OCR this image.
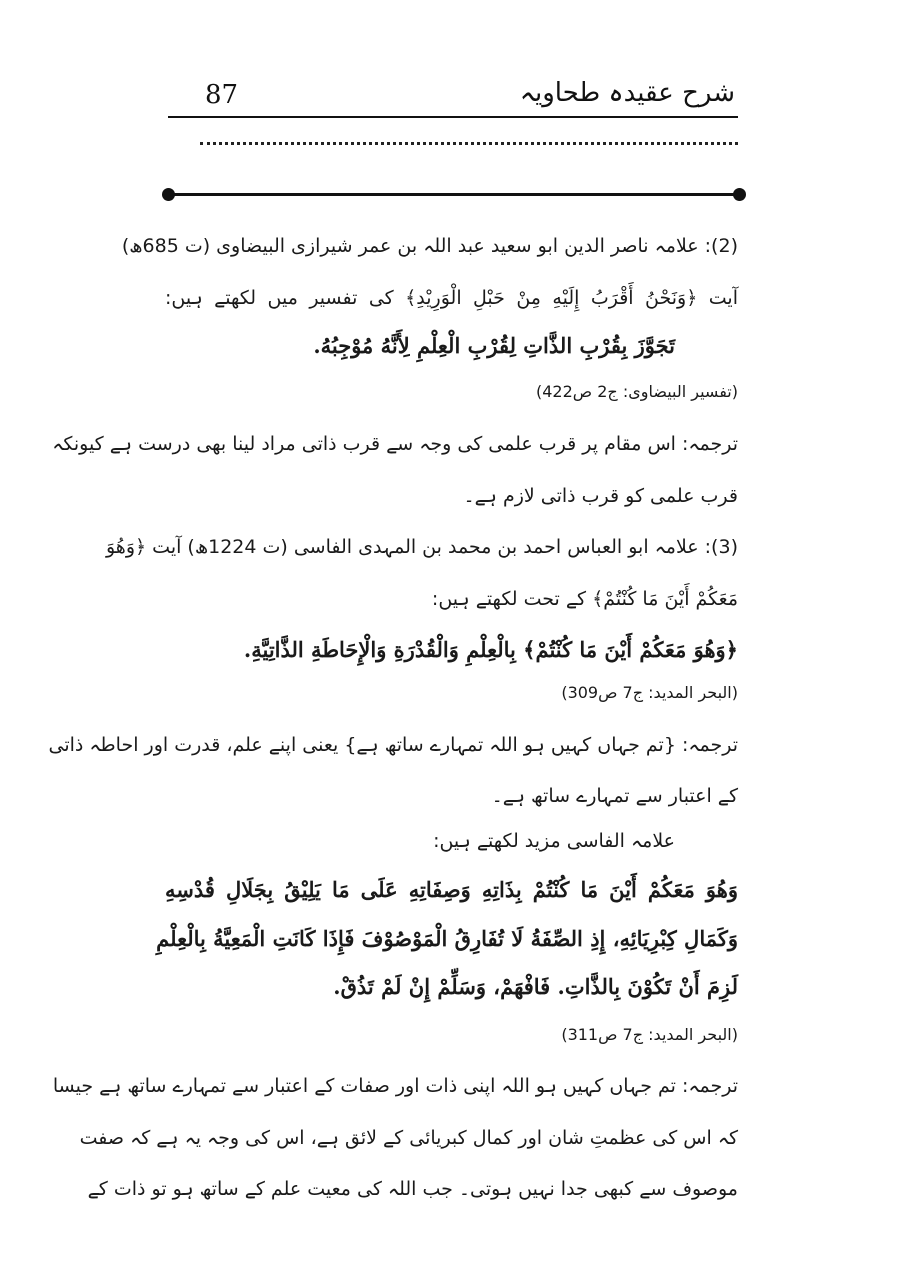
87	شرح عقیدہ طحاویہ
(2): علامہ ناصر الدین ابو سعید عبد اللہ بن عمر شیرازی البیضاوی (ت 685ھ)
آیت ﴿وَنَحْنُ أَقْرَبُ إِلَيْهِ مِنْ حَبْلِ الْوَرِيْدِ﴾ کی تفسیر میں لکھتے ہیں:
تَجَوَّزَ بِقُرْبِ الذَّاتِ لِقُرْبِ الْعِلْمِ لِأَنَّهُ مُوْجِبُهُ.
(تفسیر البیضاوی: ج2 ص422)
ترجمہ: اس مقام پر قرب علمی کی وجہ سے قرب ذاتی مراد لینا بھی درست ہے کیونکہ
قرب علمی کو قرب ذاتی لازم ہے۔
(3): علامہ ابو العباس احمد بن محمد بن المہدی الفاسی (ت 1224ھ) آیت ﴿وَهُوَ
مَعَكُمْ أَيْنَ مَا كُنْتُمْ﴾ کے تحت لکھتے ہیں:
﴿وَهُوَ مَعَكُمْ أَيْنَ مَا كُنْتُمْ﴾ بِالْعِلْمِ وَالْقُدْرَةِ وَالْإِحَاطَةِ الذَّاتِيَّةِ.
(البحر المدید: ج7 ص309)
ترجمہ: {تم جہاں کہیں ہو اللہ تمہارے ساتھ ہے} یعنی اپنے علم، قدرت اور احاطہ ذاتی
کے اعتبار سے تمہارے ساتھ ہے۔
علامہ الفاسی مزید لکھتے ہیں:
وَهُوَ مَعَكُمْ أَيْنَ مَا كُنْتُمْ بِذَاتِهِ وَصِفَاتِهِ عَلَى مَا يَلِيْقُ بِجَلَالِ قُدْسِهِ
وَكَمَالِ كِبْرِيَائِهِ، إِذِ الصِّفَةُ لَا تُفَارِقُ الْمَوْصُوْفَ فَإِذَا كَانَتِ الْمَعِيَّةُ بِالْعِلْمِ
لَزِمَ أَنْ تَكُوْنَ بِالذَّاتِ. فَافْهَمْ، وَسَلِّمْ إِنْ لَمْ تَذُقْ.
(البحر المدید: ج7 ص311)
ترجمہ: تم جہاں کہیں ہو اللہ اپنی ذات اور صفات کے اعتبار سے تمہارے ساتھ ہے جیسا
کہ اس کی عظمتِ شان اور کمال کبریائی کے لائق ہے، اس کی وجہ یہ ہے کہ صفت
موصوف سے کبھی جدا نہیں ہوتی۔ جب اللہ کی معیت علم کے ساتھ ہو تو ذات کے
